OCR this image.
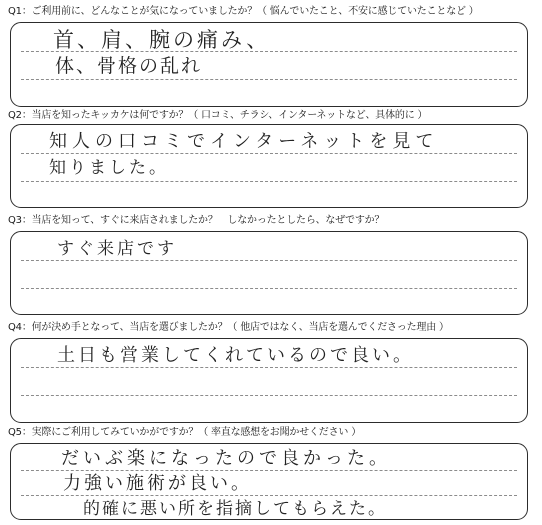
Q1：ご利用前に、どんなことが気になっていましたか？（ 悩んでいたこと、不安に感じていたことなど ）
首、肩、腕の痛み、
体、骨格の乱れ
Q2：当店を知ったキッカケは何ですか？（ 口コミ、チラシ、インターネットなど、具体的に ）
知人の口コミでインターネットを見て
知りました。
Q3：当店を知って、すぐに来店されましたか？　しなかったとしたら、なぜですか？
すぐ来店です
Q4：何が決め手となって、当店を選びましたか？（ 他店ではなく、当店を選んでくださった理由 ）
土日も営業してくれているので良い。
Q5：実際にご利用してみていかがですか？（ 率直な感想をお聞かせください ）
だいぶ楽になったので良かった。
力強い施術が良い。
的確に悪い所を指摘してもらえた。
